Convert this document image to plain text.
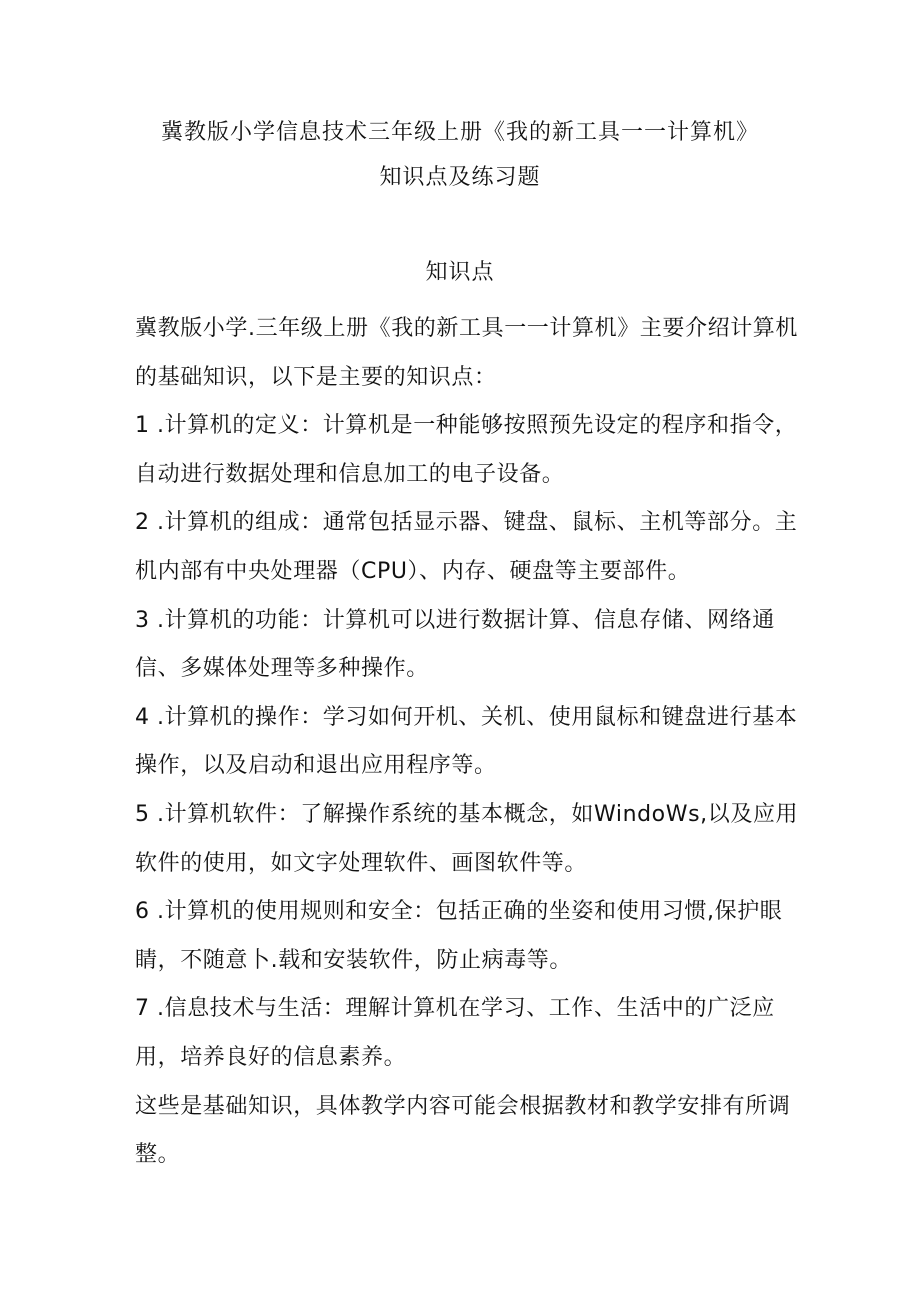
冀教版小学信息技术三年级上册《我的新工具一一计算机》
知识点及练习题
知识点

冀教版小学.三年级上册《我的新工具一一计算机》主要介绍计算机的基础知识，以下是主要的知识点：

1 .计算机的定义：计算机是一种能够按照预先设定的程序和指令，自动进行数据处理和信息加工的电子设备。

2 .计算机的组成：通常包括显示器、键盘、鼠标、主机等部分。主机内部有中央处理器（CPU）、内存、硬盘等主要部件。

3 .计算机的功能：计算机可以进行数据计算、信息存储、网络通信、多媒体处理等多种操作。

4 .计算机的操作：学习如何开机、关机、使用鼠标和键盘进行基本操作，以及启动和退出应用程序等。

5 .计算机软件：了解操作系统的基本概念，如WindoWs,以及应用软件的使用，如文字处理软件、画图软件等。

6 .计算机的使用规则和安全：包括正确的坐姿和使用习惯,保护眼睛，不随意卜.载和安装软件，防止病毒等。

7 .信息技术与生活：理解计算机在学习、工作、生活中的广泛应用，培养良好的信息素养。

这些是基础知识，具体教学内容可能会根据教材和教学安排有所调整。
